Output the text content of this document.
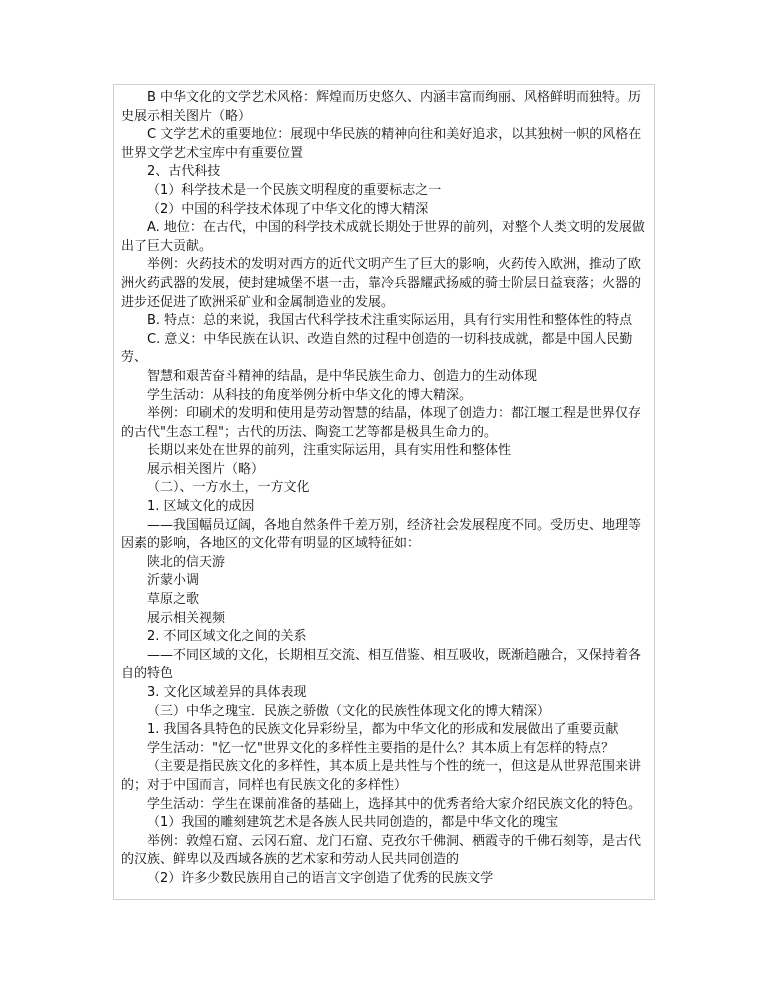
B 中华文化的文学艺术风格：辉煌而历史悠久、内涵丰富而绚丽、风格鲜明而独特。历史展示相关图片（略）

C 文学艺术的重要地位：展现中华民族的精神向往和美好追求，以其独树一帜的风格在世界文学艺术宝库中有重要位置

2、古代科技

（1）科学技术是一个民族文明程度的重要标志之一

（2）中国的科学技术体现了中华文化的博大精深

A. 地位：在古代，中国的科学技术成就长期处于世界的前列，对整个人类文明的发展做出了巨大贡献。

举例：火药技术的发明对西方的近代文明产生了巨大的影响，火药传入欧洲，推动了欧洲火药武器的发展，使封建城堡不堪一击，靠冷兵器耀武扬威的骑士阶层日益衰落；火器的进步还促进了欧洲采矿业和金属制造业的发展。

B. 特点：总的来说，我国古代科学技术注重实际运用，具有行实用性和整体性的特点

C. 意义：中华民族在认识、改造自然的过程中创造的一切科技成就，都是中国人民勤劳、

智慧和艰苦奋斗精神的结晶，是中华民族生命力、创造力的生动体现

学生活动：从科技的角度举例分析中华文化的博大精深。

举例：印刷术的发明和使用是劳动智慧的结晶，体现了创造力：都江堰工程是世界仅存的古代"生态工程"；古代的历法、陶瓷工艺等都是极具生命力的。

长期以来处在世界的前列，注重实际运用，具有实用性和整体性

展示相关图片（略）

（二）、一方水土，一方文化

1. 区域文化的成因

——我国幅员辽阔，各地自然条件千差万别，经济社会发展程度不同。受历史、地理等因素的影响，各地区的文化带有明显的区域特征如：

陕北的信天游

沂蒙小调

草原之歌

展示相关视频

2. 不同区域文化之间的关系

——不同区域的文化，长期相互交流、相互借鉴、相互吸收，既渐趋融合，又保持着各自的特色

3. 文化区域差异的具体表现

（三）中华之瑰宝．民族之骄傲（文化的民族性体现文化的博大精深）

1. 我国各具特色的民族文化异彩纷呈，都为中华文化的形成和发展做出了重要贡献

学生活动："忆一忆"世界文化的多样性主要指的是什么？其本质上有怎样的特点？

（主要是指民族文化的多样性，其本质上是共性与个性的统一，但这是从世界范围来讲的；对于中国而言，同样也有民族文化的多样性）

学生活动：学生在课前准备的基础上，选择其中的优秀者给大家介绍民族文化的特色。

（1）我国的雕刻建筑艺术是各族人民共同创造的，都是中华文化的瑰宝

举例：敦煌石窟、云冈石窟、龙门石窟、克孜尔千佛洞、栖霞寺的千佛石刻等，是古代的汉族、鲜卑以及西域各族的艺术家和劳动人民共同创造的

（2）许多少数民族用自己的语言文字创造了优秀的民族文学
